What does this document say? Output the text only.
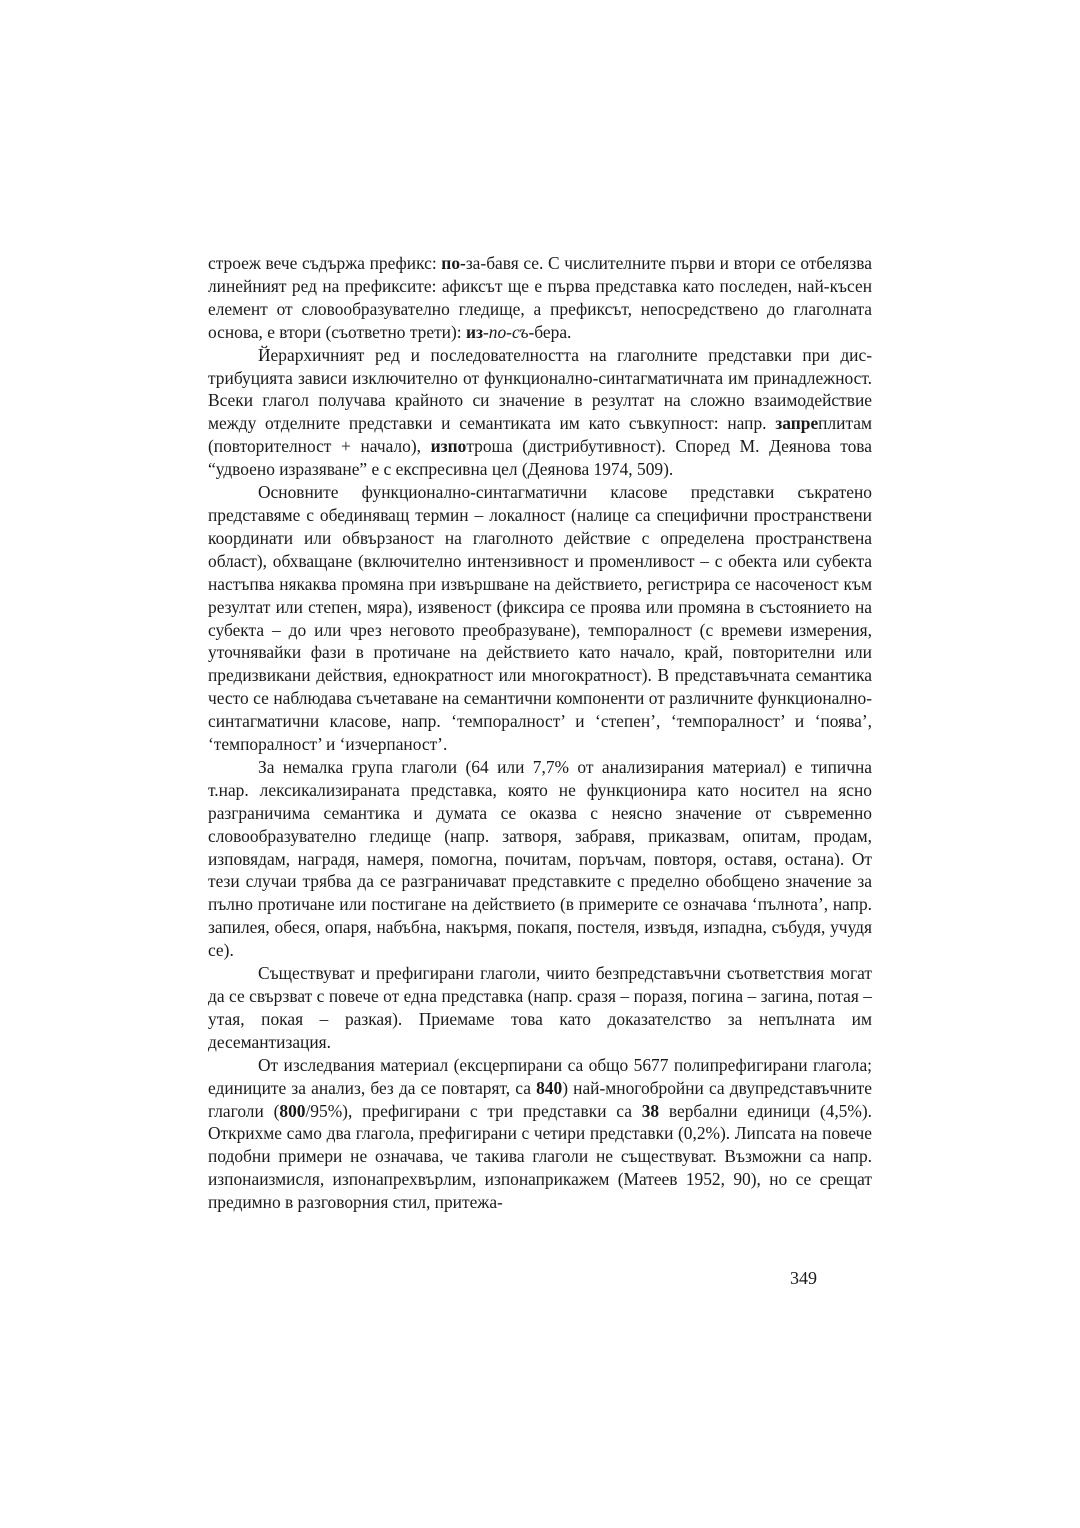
строеж вече съдържа префикс: по-за-бавя се. С числителните първи и втори се отбелязва линейният ред на префиксите: афиксът ще е първа представка като последен, най-късен елемент от словообразувателно гледище, а префиксът, непосредствено до глаголната основа, е втори (съответно трети): из-по-съ-бера.

Йерархичният ред и последователността на глаголните представки при дистрибуцията зависи изключително от функционално-синтагматичната им принадлежност. Всеки глагол получава крайното си значение в резултат на сложно взаимодействие между отделните представки и семантиката им като съвкупност: напр. запреплитам (повторителност + начало), изпотроша (дистрибутивност). Според М. Деянова това “удвоено изразяване” е с експресивна цел (Деянова 1974, 509).

Основните функционално-синтагматични класове представки съкратено представяме с обединяващ термин – локалност (налице са специфични пространствени координати или обвързаност на глаголното действие с определена пространствена област), обхващане (включително интензивност и променливост – с обекта или субекта настъпва някаква промяна при извършване на действието, регистрира се насоченост към резултат или степен, мяра), изявеност (фиксира се проява или промяна в състоянието на субекта – до или чрез неговото преобразуване), темпоралност (с времеви измерения, уточнявайки фази в протичане на действието като начало, край, повторителни или предизвикани действия, еднократност или многократност). В представъчната семантика често се наблюдава съчетаване на семантични компоненти от различните функционално-синтагматични класове, напр. ‘темпоралност’ и ‘степен’, ‘темпоралност’ и ‘поява’, ‘темпоралност’ и ‘изчерпаност’.

За немалка група глаголи (64 или 7,7% от анализирания материал) е типична т.нар. лексикализираната представка, която не функционира като носител на ясно разграничима семантика и думата се оказва с неясно значение от съвременно словообразувателно гледище (напр. затворя, забравя, приказвам, опитам, продам, изповядам, наградя, намеря, помогна, почитам, поръчам, повторя, оставя, остана). От тези случаи трябва да се разграничават представките с пределно обобщено значение за пълно протичане или постигане на действието (в примерите се означава ‘пълнота’, напр. запилея, обеся, опаря, набъбна, накърмя, покапя, постеля, извъдя, изпадна, събудя, учудя се).

Съществуват и префигирани глаголи, чиито безпредставъчни съответствия могат да се свързват с повече от една представка (напр. сразя – поразя, погина – загина, потая – утая, покая – разкая). Приемаме това като доказателство за непълната им десемантизация.

От изследвания материал (ексцерпирани са общо 5677 полипрефигирани глагола; единиците за анализ, без да се повтарят, са 840) най-многобройни са двупредставъчните глаголи (800/95%), префигирани с три представки са 38 вербални единици (4,5%). Открихме само два глагола, префигирани с четири представки (0,2%). Липсата на повече подобни примери не означава, че такива глаголи не съществуват. Възможни са напр. изпонаизмисля, изпонапрехвърлим, изпонаприкажем (Матеев 1952, 90), но се срещат предимно в разговорния стил, притежа-

349
